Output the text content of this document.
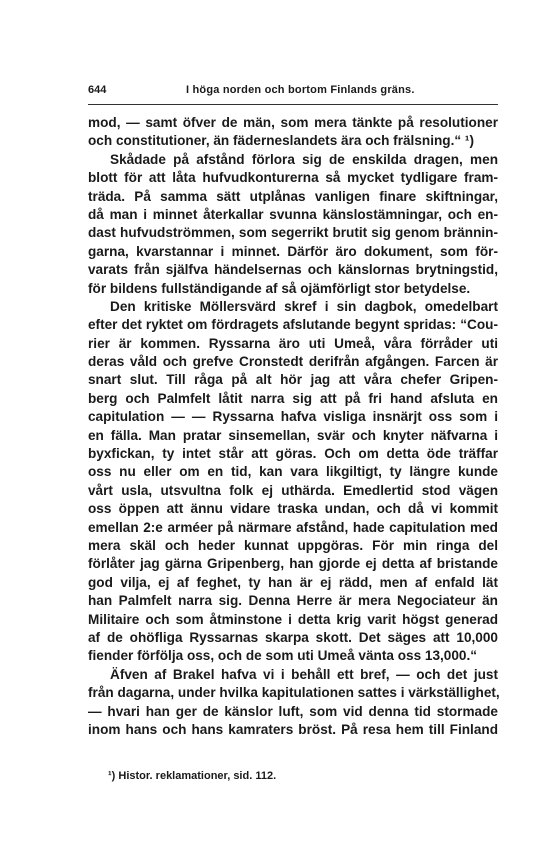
644	I höga norden och bortom Finlands gräns.
mod, — samt öfver de män, som mera tänkte på resolutioner
och constitutioner, än fäderneslandets ära och frälsning.“ ¹)
Skådade på afstånd förlora sig de enskilda dragen, men
blott för att låta hufvudkonturerna så mycket tydligare fram-
träda. På samma sätt utplånas vanligen finare skiftningar,
då man i minnet återkallar svunna känslostämningar, och en-
dast hufvudströmmen, som segerrikt brutit sig genom brännin-
garna, kvarstannar i minnet. Därför äro dokument, som för-
varats från själfva händelsernas och känslornas brytningstid,
för bildens fullständigande af så ojämförligt stor betydelse.
Den kritiske Möllersvärd skref i sin dagbok, omedelbart
efter det ryktet om fördragets afslutande begynt spridas: “Cou-
rier är kommen. Ryssarna äro uti Umeå, våra förråder uti
deras våld och grefve Cronstedt derifrån afgången. Farcen är
snart slut. Till råga på alt hör jag att våra chefer Gripen-
berg och Palmfelt låtit narra sig att på fri hand afsluta en
capitulation — — Ryssarna hafva visliga insnärjt oss som i
en fälla. Man pratar sinsemellan, svär och knyter näfvarna i
byxfickan, ty intet står att göras. Och om detta öde träffar
oss nu eller om en tid, kan vara likgiltigt, ty längre kunde
vårt usla, utsvultna folk ej uthärda. Emedlertid stod vägen
oss öppen att ännu vidare traska undan, och då vi kommit
emellan 2:e arméer på närmare afstånd, hade capitulation med
mera skäl och heder kunnat uppgöras. För min ringa del
förlåter jag gärna Gripenberg, han gjorde ej detta af bristande
god vilja, ej af feghet, ty han är ej rädd, men af enfald lät
han Palmfelt narra sig. Denna Herre är mera Negociateur än
Militaire och som åtminstone i detta krig varit högst generad
af de ohöfliga Ryssarnas skarpa skott. Det säges att 10,000
fiender förfölja oss, och de som uti Umeå vänta oss 13,000.“
Äfven af Brakel hafva vi i behåll ett bref, — och det just
från dagarna, under hvilka kapitulationen sattes i värkställighet,
— hvari han ger de känslor luft, som vid denna tid stormade
inom hans och hans kamraters bröst. På resa hem till Finland
¹) Histor. reklamationer, sid. 112.
